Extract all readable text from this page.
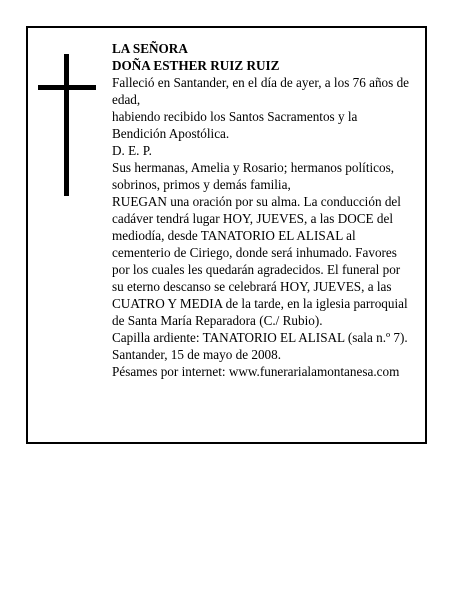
LA SEÑORA
DOÑA ESTHER RUIZ RUIZ
Falleció en Santander, en el día de ayer, a los 76 años de edad,
habiendo recibido los Santos Sacramentos y la Bendición Apostólica.
D. E. P.
Sus hermanas, Amelia y Rosario; hermanos políticos, sobrinos, primos y demás familia,
RUEGAN una oración por su alma. La conducción del cadáver tendrá lugar HOY, JUEVES, a las DOCE del mediodía, desde TANATORIO EL ALISAL al cementerio de Ciriego, donde será inhumado. Favores por los cuales les quedarán agradecidos. El funeral por su eterno descanso se celebrará HOY, JUEVES, a las CUATRO Y MEDIA de la tarde, en la iglesia parroquial de Santa María Reparadora (C./ Rubio).
Capilla ardiente: TANATORIO EL ALISAL (sala n.º 7).
Santander, 15 de mayo de 2008.
Pésames por internet: www.funerarialamontanesa.com
